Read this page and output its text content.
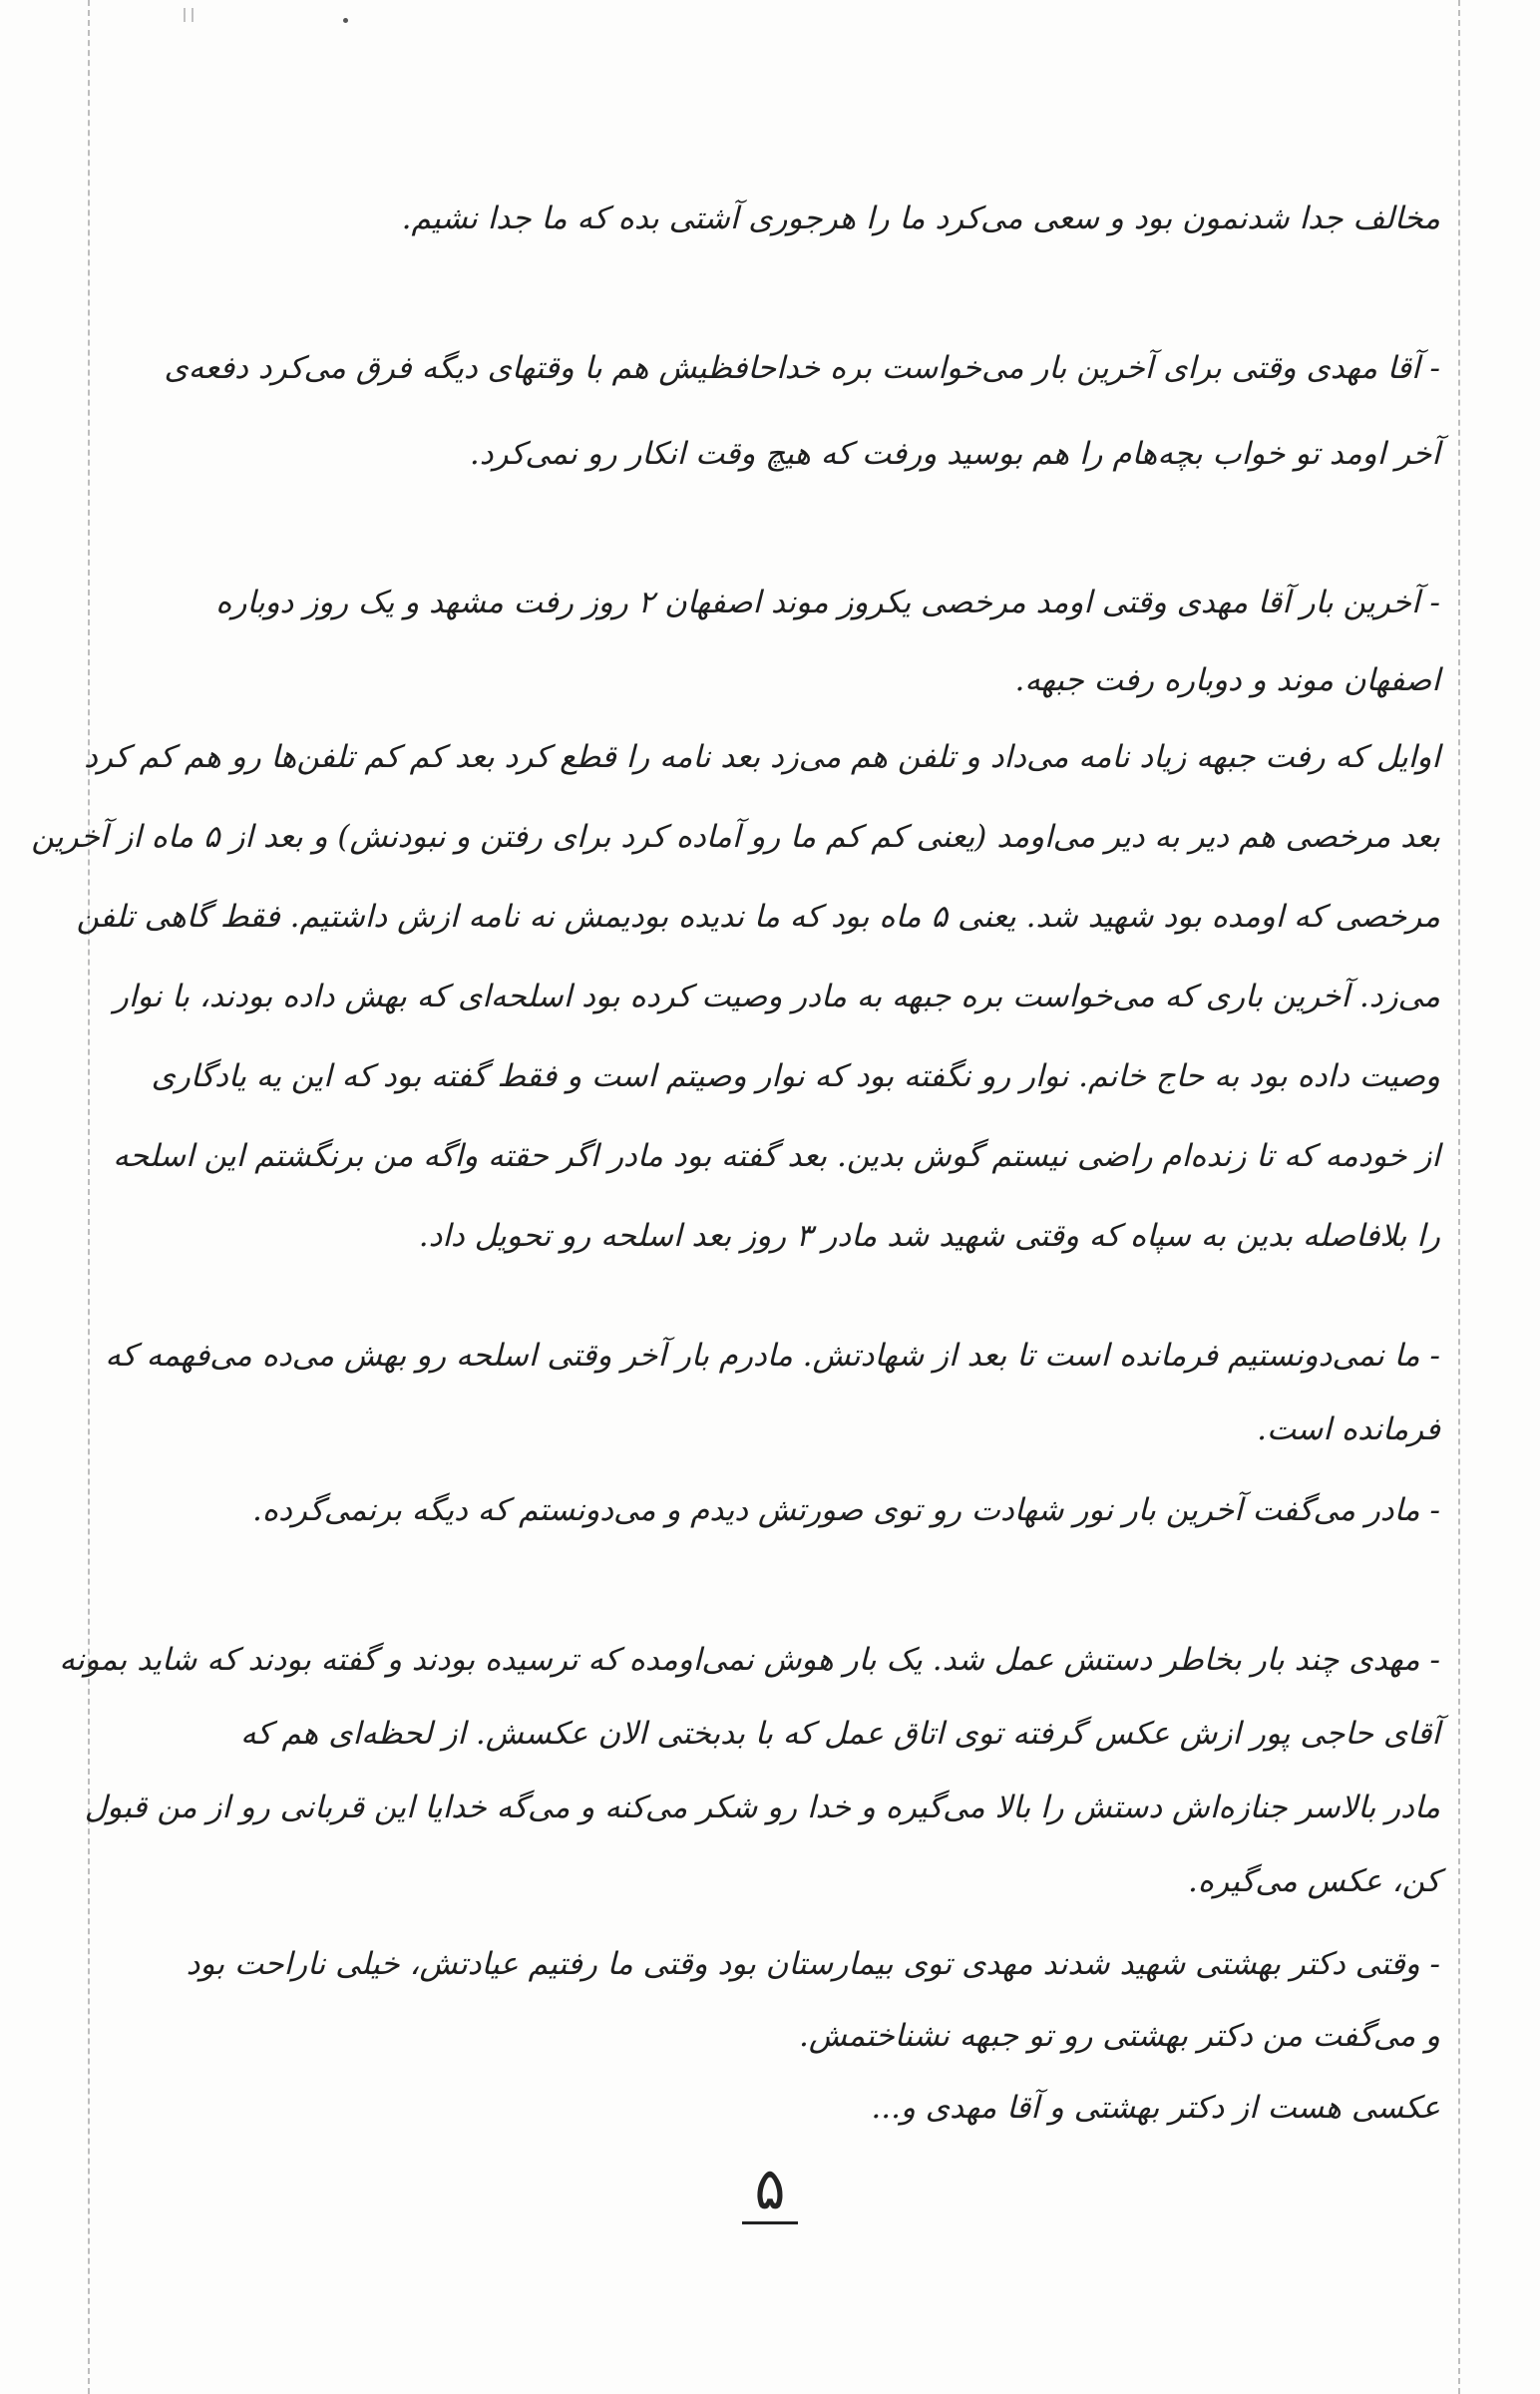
مخالف جدا شدنمون بود و سعی می‌کرد ما را هرجوری آشتی بده که ما جدا نشیم.
- آقا مهدی وقتی برای آخرین بار می‌خواست بره خداحافظیش هم با وقتهای دیگه فرق می‌کرد دفعه‌ی
آخر اومد تو خواب بچه‌هام را هم بوسید ورفت که هیچ وقت انکار رو نمی‌کرد.
- آخرین بار آقا مهدی وقتی اومد مرخصی یکروز موند اصفهان ۲ روز رفت مشهد و یک روز دوباره
اصفهان موند و دوباره رفت جبهه.
اوایل که رفت جبهه زیاد نامه می‌داد و تلفن هم می‌زد بعد نامه را قطع کرد بعد کم کم تلفن‌ها رو هم کم کرد
بعد مرخصی هم دیر به دیر می‌اومد (یعنی کم کم ما رو آماده کرد برای رفتن و نبودنش) و بعد از ۵ ماه از آخرین
مرخصی که اومده بود شهید شد. یعنی ۵ ماه بود که ما ندیده بودیمش نه نامه ازش داشتیم. فقط گاهی تلفن
می‌زد. آخرین باری که می‌خواست بره جبهه به مادر وصیت کرده بود اسلحه‌ای که بهش داده بودند، با نوار
وصیت داده بود به حاج خانم. نوار رو نگفته بود که نوار وصیتم است و فقط گفته بود که این یه یادگاری
از خودمه که تا زنده‌ام راضی نیستم گوش بدین. بعد گفته بود مادر اگر حقته واگه من برنگشتم این اسلحه
را بلافاصله بدین به سپاه که وقتی شهید شد مادر ۳ روز بعد اسلحه رو تحویل داد.
- ما نمی‌دونستیم فرمانده است تا بعد از شهادتش. مادرم بار آخر وقتی اسلحه رو بهش می‌ده می‌فهمه که
فرمانده است.
- مادر می‌گفت آخرین بار نور شهادت رو توی صورتش دیدم و می‌دونستم که دیگه برنمی‌گرده.
- مهدی چند بار بخاطر دستش عمل شد. یک بار هوش نمی‌اومده که ترسیده بودند و گفته بودند که شاید بمونه
آقای حاجی پور ازش عکس گرفته توی اتاق عمل که با بدبختی الان عکسش. از لحظه‌ای هم که
مادر بالاسر جنازه‌اش دستش را بالا می‌گیره و خدا رو شکر می‌کنه و می‌گه خدایا این قربانی رو از من قبول
کن، عکس می‌گیره.
- وقتی دکتر بهشتی شهید شدند مهدی توی بیمارستان بود وقتی ما رفتیم عیادتش، خیلی ناراحت بود
و می‌گفت من دکتر بهشتی رو تو جبهه نشناختمش.
عکسی هست از دکتر بهشتی و آقا مهدی و...
۵
